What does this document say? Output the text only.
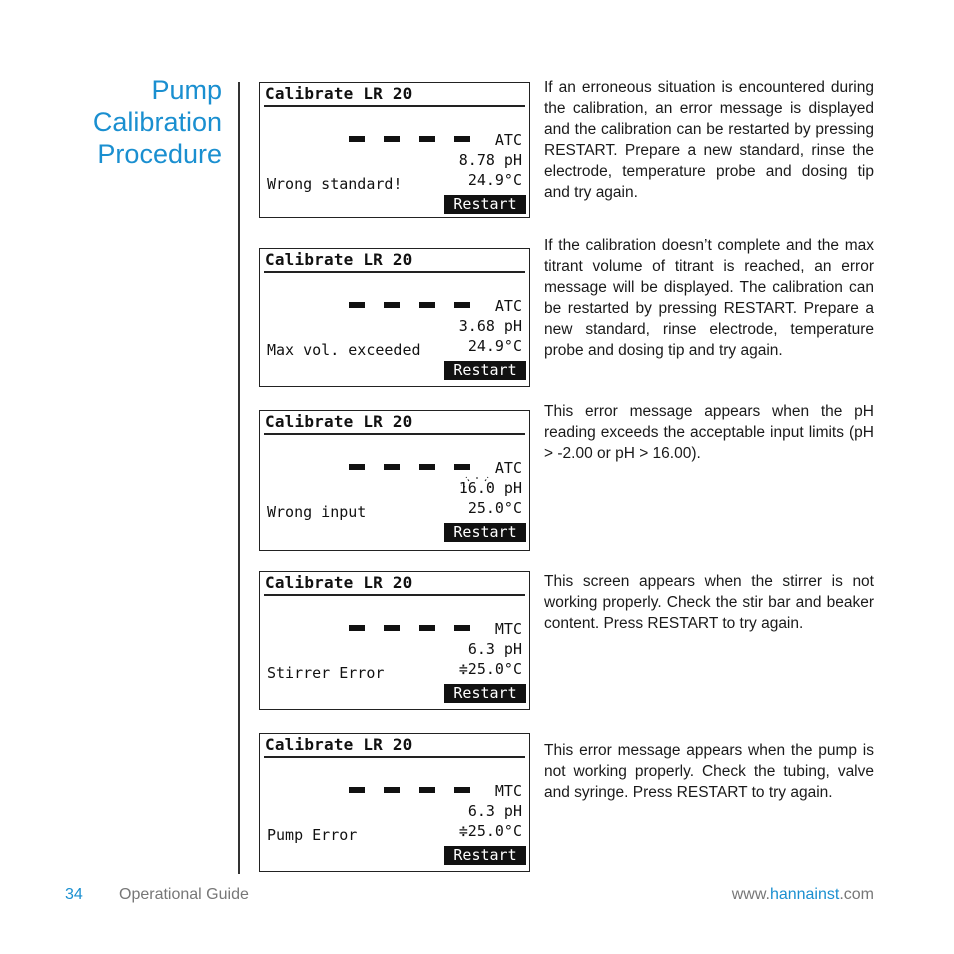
Pump
Calibration
Procedure
Calibrate LR 20
ATC
8.78 pH
24.9°C
Wrong standard!
Restart
Calibrate LR 20
ATC
3.68 pH
24.9°C
Max vol. exceeded
Restart
Calibrate LR 20
ATC
16.0 pH
25.0°C
Wrong input
Restart
Calibrate LR 20
MTC
6.3 pH
≑25.0°C
Stirrer Error
Restart
Calibrate LR 20
MTC
6.3 pH
≑25.0°C
Pump Error
Restart
If an erroneous situation is encountered during the calibration, an error message is displayed and the calibration can be restarted by pressing RESTART. Prepare a new standard, rinse the electrode, temperature probe and dosing tip and try again.
If the calibration doesn’t complete and the max titrant volume of titrant is reached, an error message will be displayed. The calibration can be restarted by pressing RESTART. Prepare a new standard, rinse electrode, temperature probe and dosing tip and try again.
This error message appears when the pH reading exceeds the acceptable input limits (pH > -2.00 or pH > 16.00).
This screen appears when the stirrer is not working properly. Check the stir bar and beaker content. Press RESTART to try again.
This error message appears when the pump is not working properly. Check the tubing, valve and syringe. Press RESTART to try again.
34 Operational Guide	www.hannainst.com
